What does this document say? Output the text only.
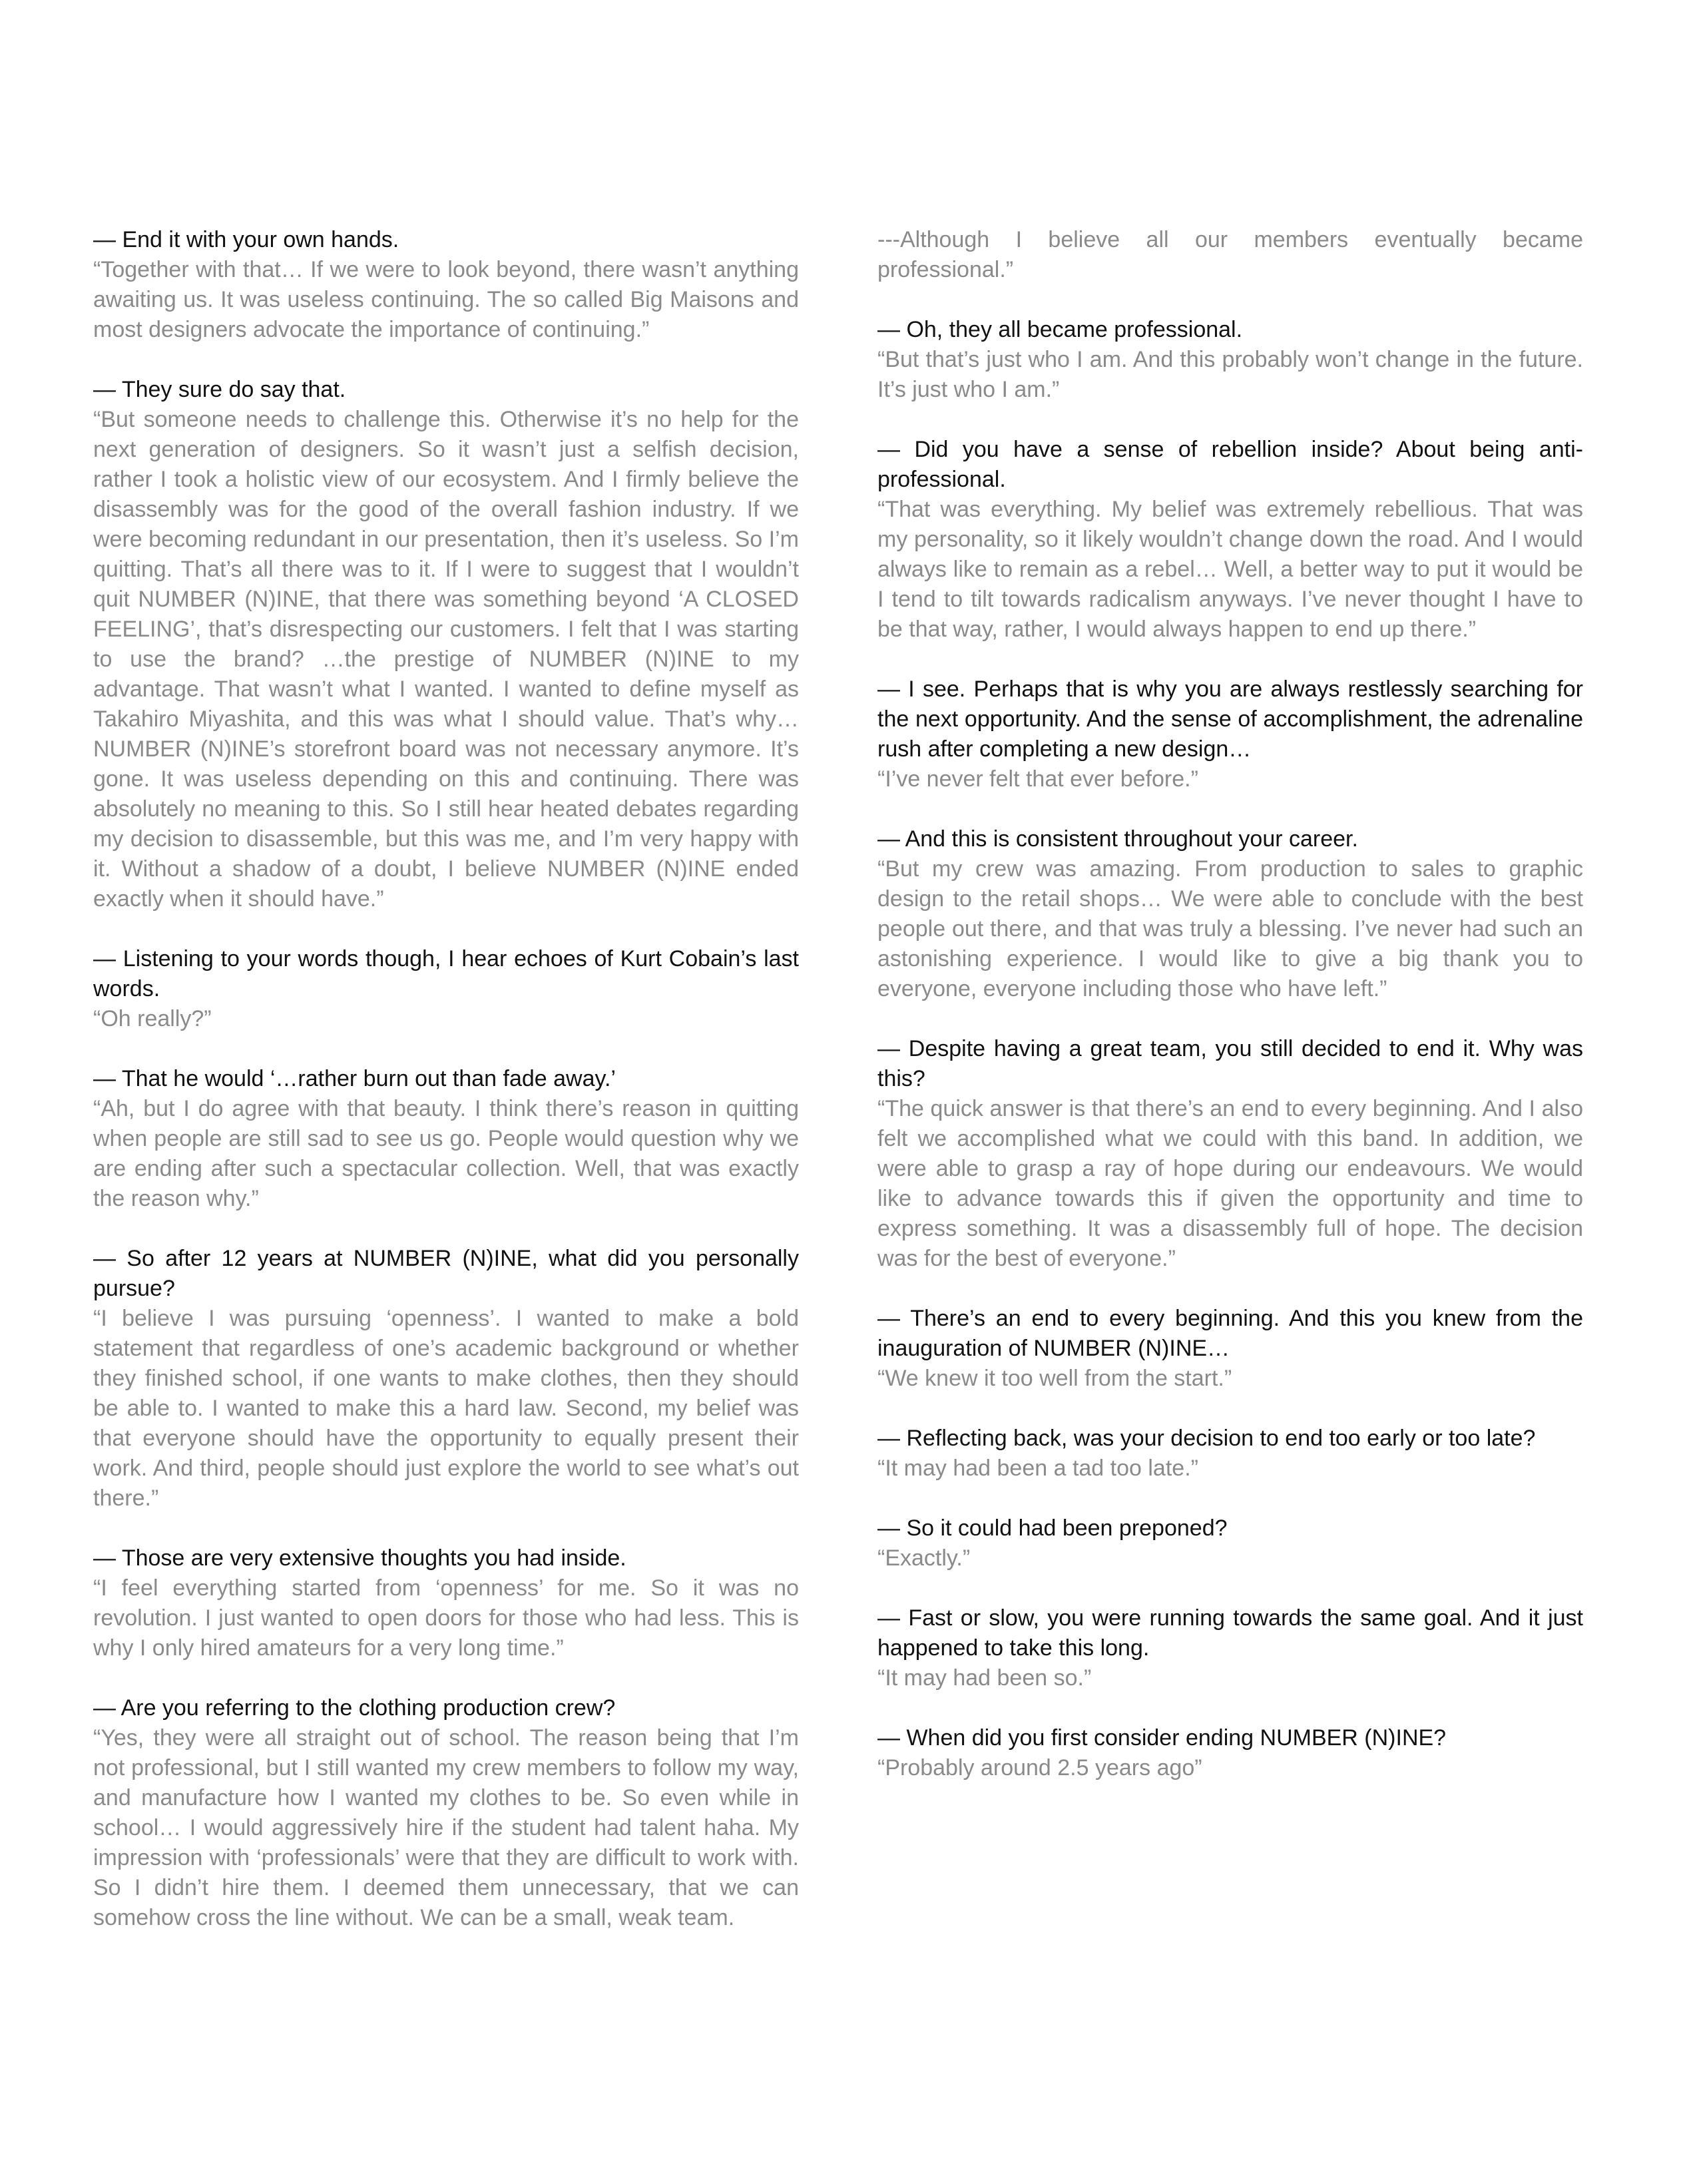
— End it with your own hands.

“Together with that… If we were to look beyond, there wasn’t anything awaiting us. It was useless continuing. The so called Big Maisons and most designers advocate the importance of continuing.”

— They sure do say that.

“But someone needs to challenge this. Otherwise it’s no help for the next generation of designers. So it wasn’t just a selfish decision, rather I took a holistic view of our ecosystem. And I firmly believe the disassembly was for the good of the overall fashion industry. If we were becoming redundant in our presentation, then it’s useless. So I’m quitting. That’s all there was to it. If I were to suggest that I wouldn’t quit NUMBER (N)INE, that there was something beyond ‘A CLOSED FEELING’, that’s disrespecting our customers. I felt that I was starting to use the brand? …the prestige of NUMBER (N)INE to my advantage. That wasn’t what I wanted. I wanted to define myself as Takahiro Miyashita, and this was what I should value. That’s why…NUMBER (N)INE’s storefront board was not necessary anymore. It’s gone. It was useless depending on this and continuing. There was absolutely no meaning to this. So I still hear heated debates regarding my decision to disassemble, but this was me, and I’m very happy with it. Without a shadow of a doubt, I believe NUMBER (N)INE ended exactly when it should have.”

— Listening to your words though, I hear echoes of Kurt Cobain’s last words.

“Oh really?”

— That he would ‘…rather burn out than fade away.’

“Ah, but I do agree with that beauty. I think there’s reason in quitting when people are still sad to see us go. People would question why we are ending after such a spectacular collection. Well, that was exactly the reason why.”

— So after 12 years at NUMBER (N)INE, what did you personally pursue?

“I believe I was pursuing ‘openness’. I wanted to make a bold statement that regardless of one’s academic background or whether they finished school, if one wants to make clothes, then they should be able to. I wanted to make this a hard law. Second, my belief was that everyone should have the opportunity to equally present their work. And third, people should just explore the world to see what’s out there.”

— Those are very extensive thoughts you had inside.

“I feel everything started from ‘openness’ for me. So it was no revolution. I just wanted to open doors for those who had less. This is why I only hired amateurs for a very long time.”

— Are you referring to the clothing production crew?

“Yes, they were all straight out of school. The reason being that I’m not professional, but I still wanted my crew members to follow my way, and manufacture how I wanted my clothes to be. So even while in school… I would aggressively hire if the student had talent haha. My impression with ‘professionals’ were that they are difficult to work with. So I didn’t hire them. I deemed them unnecessary, that we can somehow cross the line without. We can be a small, weak team.

---Although I believe all our members eventually became professional.”

— Oh, they all became professional.

“But that’s just who I am. And this probably won’t change in the future. It’s just who I am.”

— Did you have a sense of rebellion inside? About being anti-professional.

“That was everything. My belief was extremely rebellious. That was my personality, so it likely wouldn’t change down the road. And I would always like to remain as a rebel… Well, a better way to put it would be I tend to tilt towards radicalism anyways. I’ve never thought I have to be that way, rather, I would always happen to end up there.”

— I see. Perhaps that is why you are always restlessly searching for the next opportunity. And the sense of accomplishment, the adrenaline rush after completing a new design…

“I’ve never felt that ever before.”

— And this is consistent throughout your career.

“But my crew was amazing. From production to sales to graphic design to the retail shops… We were able to conclude with the best people out there, and that was truly a blessing. I’ve never had such an astonishing experience. I would like to give a big thank you to everyone, everyone including those who have left.”

— Despite having a great team, you still decided to end it. Why was this?

“The quick answer is that there’s an end to every beginning. And I also felt we accomplished what we could with this band. In addition, we were able to grasp a ray of hope during our endeavours. We would like to advance towards this if given the opportunity and time to express something. It was a disassembly full of hope. The decision was for the best of everyone.”

— There’s an end to every beginning. And this you knew from the inauguration of NUMBER (N)INE…

“We knew it too well from the start.”

— Reflecting back, was your decision to end too early or too late?

“It may had been a tad too late.”

— So it could had been preponed?

“Exactly.”

— Fast or slow, you were running towards the same goal. And it just happened to take this long.

“It may had been so.”

— When did you first consider ending NUMBER (N)INE?

“Probably around 2.5 years ago”
